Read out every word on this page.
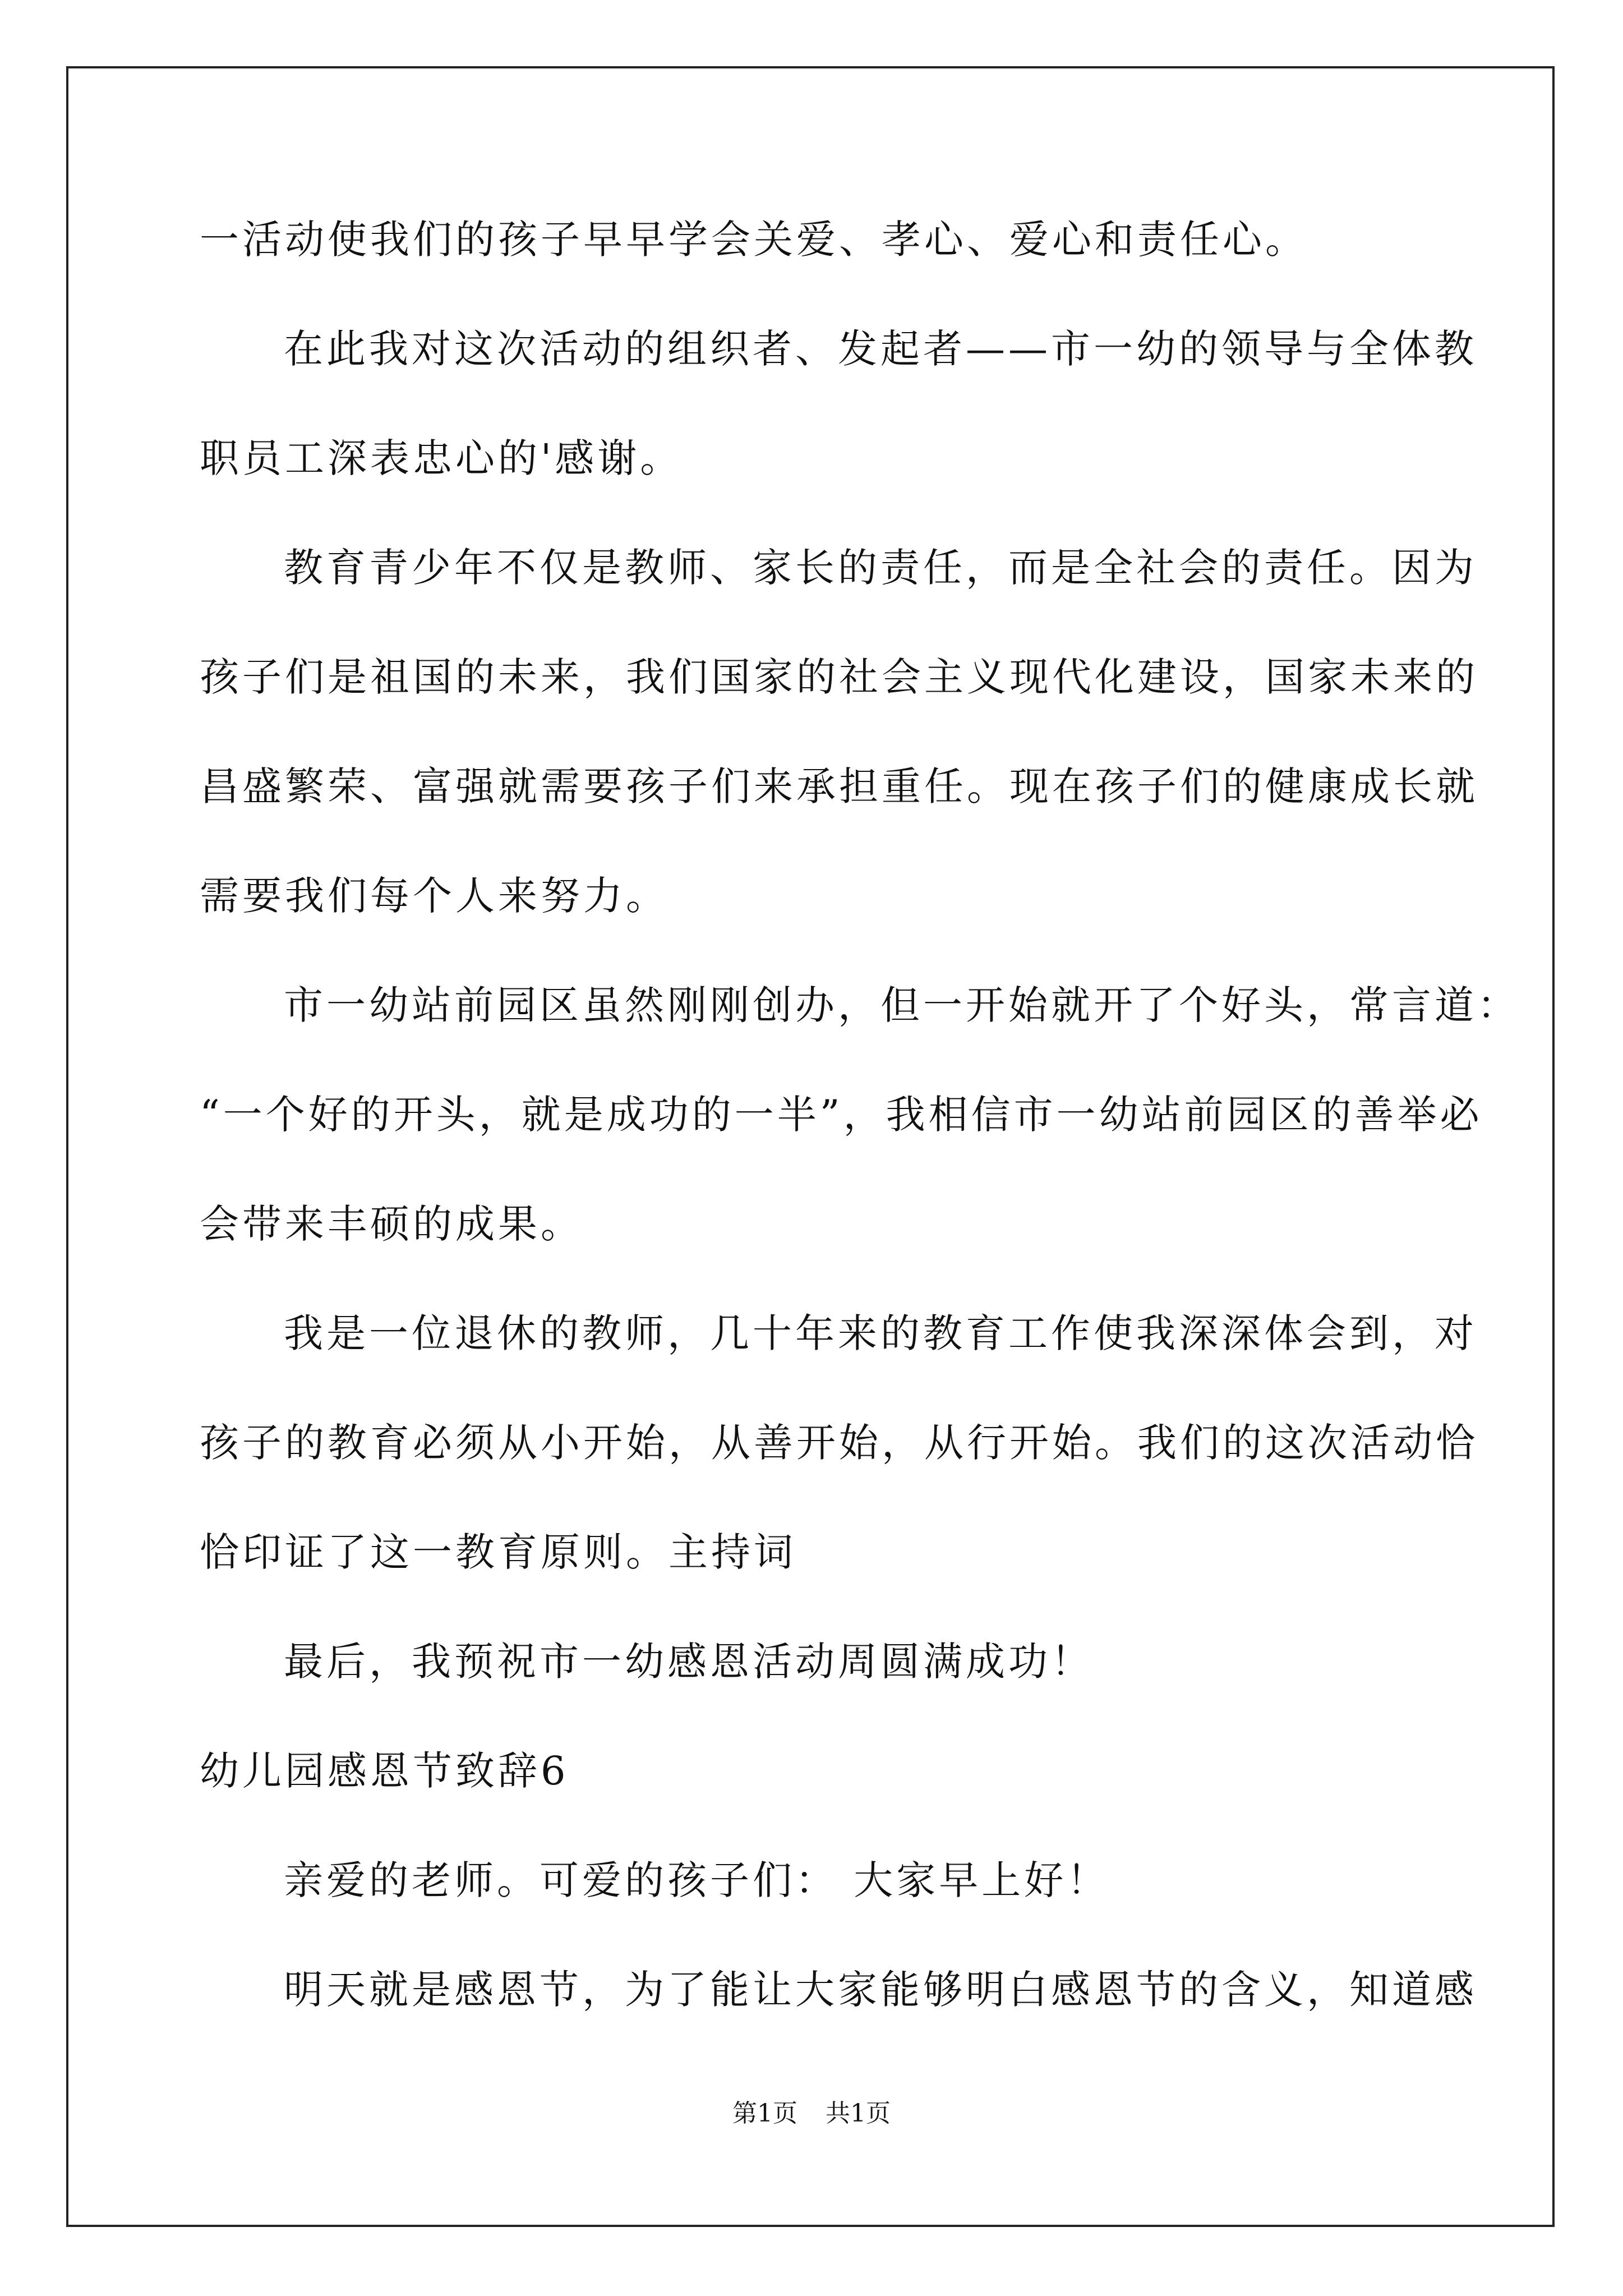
一活动使我们的孩子早早学会关爱、孝心、爱心和责任心。
在此我对这次活动的组织者、发起者——市一幼的领导与全体教
职员工深表忠心的'感谢。
教育青少年不仅是教师、家长的责任，而是全社会的责任。因为
孩子们是祖国的未来，我们国家的社会主义现代化建设，国家未来的
昌盛繁荣、富强就需要孩子们来承担重任。现在孩子们的健康成长就
需要我们每个人来努力。
市一幼站前园区虽然刚刚创办，但一开始就开了个好头，常言道：
“一个好的开头，就是成功的一半”，我相信市一幼站前园区的善举必
会带来丰硕的成果。
我是一位退休的教师，几十年来的教育工作使我深深体会到，对
孩子的教育必须从小开始，从善开始，从行开始。我们的这次活动恰
恰印证了这一教育原则。主持词
最后，我预祝市一幼感恩活动周圆满成功！
幼儿园感恩节致辞6
亲爱的老师。可爱的孩子们： 大家早上好！
明天就是感恩节，为了能让大家能够明白感恩节的含义，知道感
第1页 共1页
